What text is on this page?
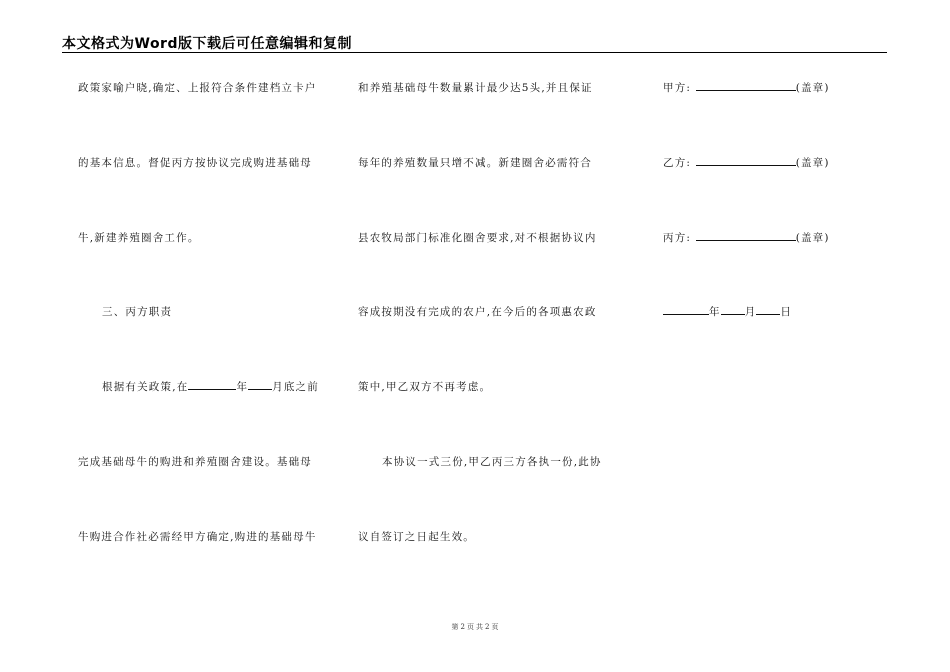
本文格式为Word版下载后可任意编辑和复制
政策家喻户晓,确定、上报符合条件建档立卡户
的基本信息。督促丙方按协议完成购进基础母
牛,新建养殖圈舍工作。
三、丙方职责
根据有关政策,在	年 月底之前
完成基础母牛的购进和养殖圈舍建设。基础母
牛购进合作社必需经甲方确定,购进的基础母牛
和养殖基础母牛数量累计最少达5头,并且保证
每年的养殖数量只增不减。新建圈舍必需符合
县农牧局部门标准化圈舍要求,对不根据协议内
容成按期没有完成的农户,在今后的各项惠农政
策中,甲乙双方不再考虑。
本协议一式三份,甲乙丙三方各执一份,此协
议自签订之日起生效。
甲方:	(盖章)
乙方:	(盖章)
丙方:	(盖章)
年 月 日
第 2 页 共 2 页
